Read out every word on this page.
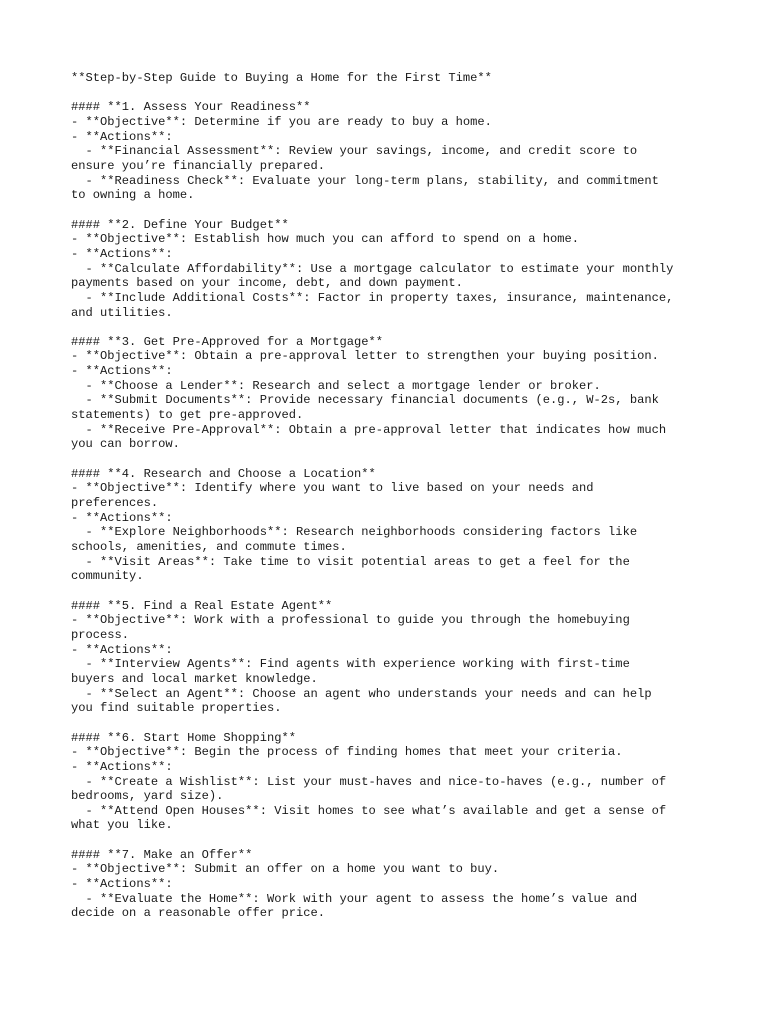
**Step-by-Step Guide to Buying a Home for the First Time**
#### **1. Assess Your Readiness**
- **Objective**: Determine if you are ready to buy a home.
- **Actions**:
- **Financial Assessment**: Review your savings, income, and credit score to
ensure you’re financially prepared.
- **Readiness Check**: Evaluate your long-term plans, stability, and commitment
to owning a home.
#### **2. Define Your Budget**
- **Objective**: Establish how much you can afford to spend on a home.
- **Actions**:
- **Calculate Affordability**: Use a mortgage calculator to estimate your monthly
payments based on your income, debt, and down payment.
- **Include Additional Costs**: Factor in property taxes, insurance, maintenance,
and utilities.
#### **3. Get Pre-Approved for a Mortgage**
- **Objective**: Obtain a pre-approval letter to strengthen your buying position.
- **Actions**:
- **Choose a Lender**: Research and select a mortgage lender or broker.
- **Submit Documents**: Provide necessary financial documents (e.g., W-2s, bank
statements) to get pre-approved.
- **Receive Pre-Approval**: Obtain a pre-approval letter that indicates how much
you can borrow.
#### **4. Research and Choose a Location**
- **Objective**: Identify where you want to live based on your needs and
preferences.
- **Actions**:
- **Explore Neighborhoods**: Research neighborhoods considering factors like
schools, amenities, and commute times.
- **Visit Areas**: Take time to visit potential areas to get a feel for the
community.
#### **5. Find a Real Estate Agent**
- **Objective**: Work with a professional to guide you through the homebuying
process.
- **Actions**:
- **Interview Agents**: Find agents with experience working with first-time
buyers and local market knowledge.
- **Select an Agent**: Choose an agent who understands your needs and can help
you find suitable properties.
#### **6. Start Home Shopping**
- **Objective**: Begin the process of finding homes that meet your criteria.
- **Actions**:
- **Create a Wishlist**: List your must-haves and nice-to-haves (e.g., number of
bedrooms, yard size).
- **Attend Open Houses**: Visit homes to see what’s available and get a sense of
what you like.
#### **7. Make an Offer**
- **Objective**: Submit an offer on a home you want to buy.
- **Actions**:
- **Evaluate the Home**: Work with your agent to assess the home’s value and
decide on a reasonable offer price.
